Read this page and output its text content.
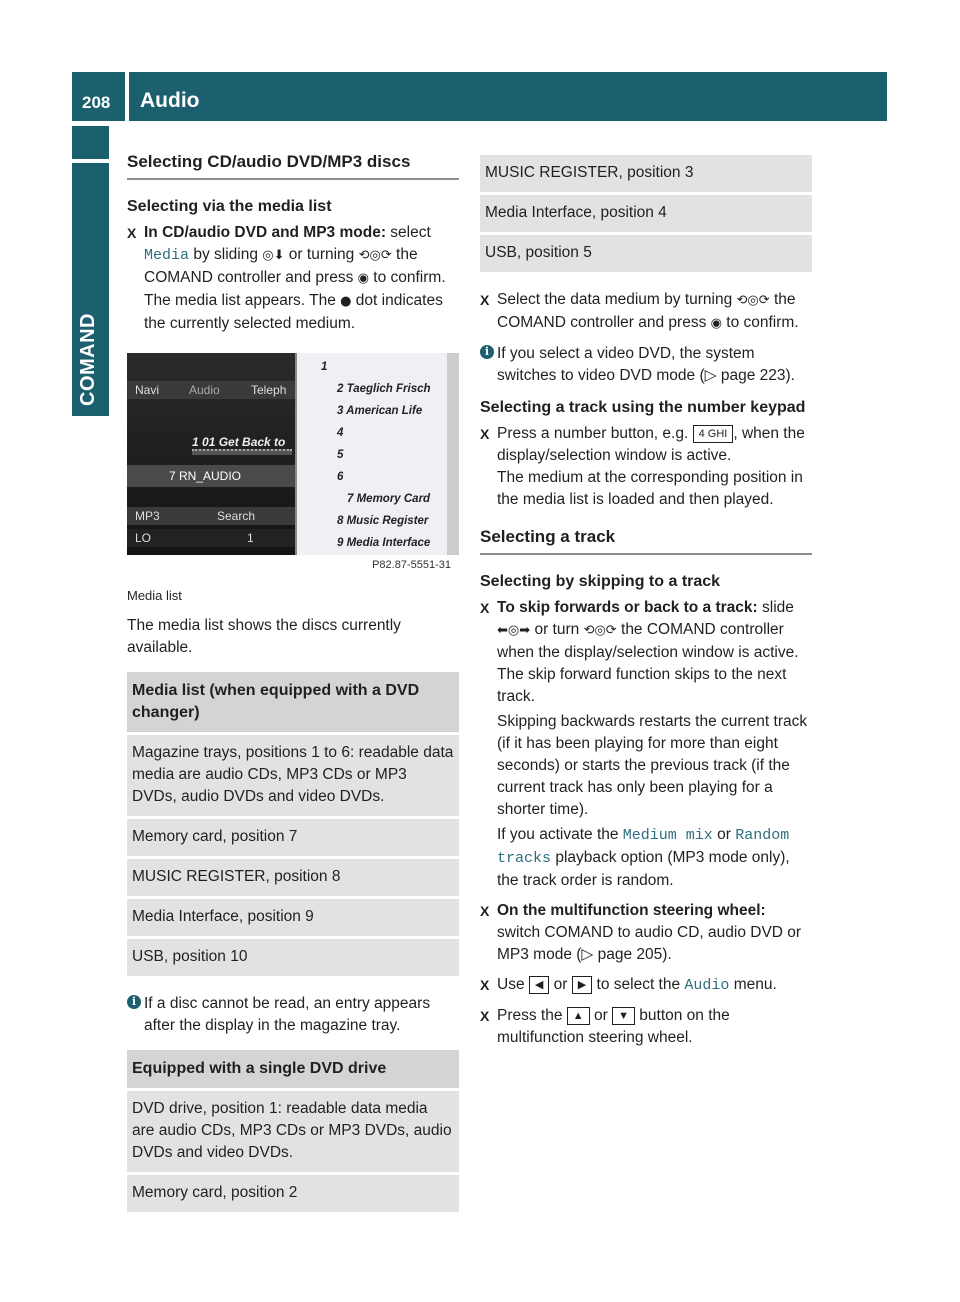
208 Audio
COMAND
Selecting CD/audio DVD/MP3 discs
Selecting via the media list
X In CD/audio DVD and MP3 mode: select Media by sliding ◎⬇ or turning ⟲◎⟳ the COMAND controller and press ◉ to confirm.
The media list appears. The ● dot indicates the currently selected medium.
Navi Audio	Teleph
1 01 Get Back to
7 RN_AUDIO
MP3	Search
LO	1
1
2 Taeglich Frisch
3 American Life
4
5
6
7 Memory Card
8 Music Register
9 Media Interface
P82.87-5551-31

Media list

The media list shows the discs currently available.

Media list (when equipped with a DVD changer)
Magazine trays, positions 1 to 6: readable data media are audio CDs, MP3 CDs or MP3 DVDs, audio DVDs and video DVDs.
Memory card, position 7
MUSIC REGISTER, position 8
Media Interface, position 9
USB, position 10
i If a disc cannot be read, an entry appears after the display in the magazine tray.
Equipped with a single DVD drive
DVD drive, position 1: readable data media are audio CDs, MP3 CDs or MP3 DVDs, audio DVDs and video DVDs.
Memory card, position 2
MUSIC REGISTER, position 3
Media Interface, position 4
USB, position 5
X Select the data medium by turning ⟲◎⟳ the COMAND controller and press ◉ to confirm.
i If you select a video DVD, the system switches to video DVD mode (▷ page 223).
Selecting a track using the number keypad
X Press a number button, e.g. 4 GHI , when the display/selection window is active.
The medium at the corresponding position in the media list is loaded and then played.
Selecting a track
Selecting by skipping to a track
X To skip forwards or back to a track: slide ⬅◎➡ or turn ⟲◎⟳ the COMAND controller when the display/selection window is active.

The skip forward function skips to the next track.

Skipping backwards restarts the current track (if it has been playing for more than eight seconds) or starts the previous track (if the current track has only been playing for a shorter time).

If you activate the Medium mix or Random tracks playback option (MP3 mode only), the track order is random.

X On the multifunction steering wheel: switch COMAND to audio CD, audio DVD or MP3 mode (▷ page 205).
X Use ◀ or ▶ to select the Audio menu.
X Press the ▲ or ▼ button on the multifunction steering wheel.
